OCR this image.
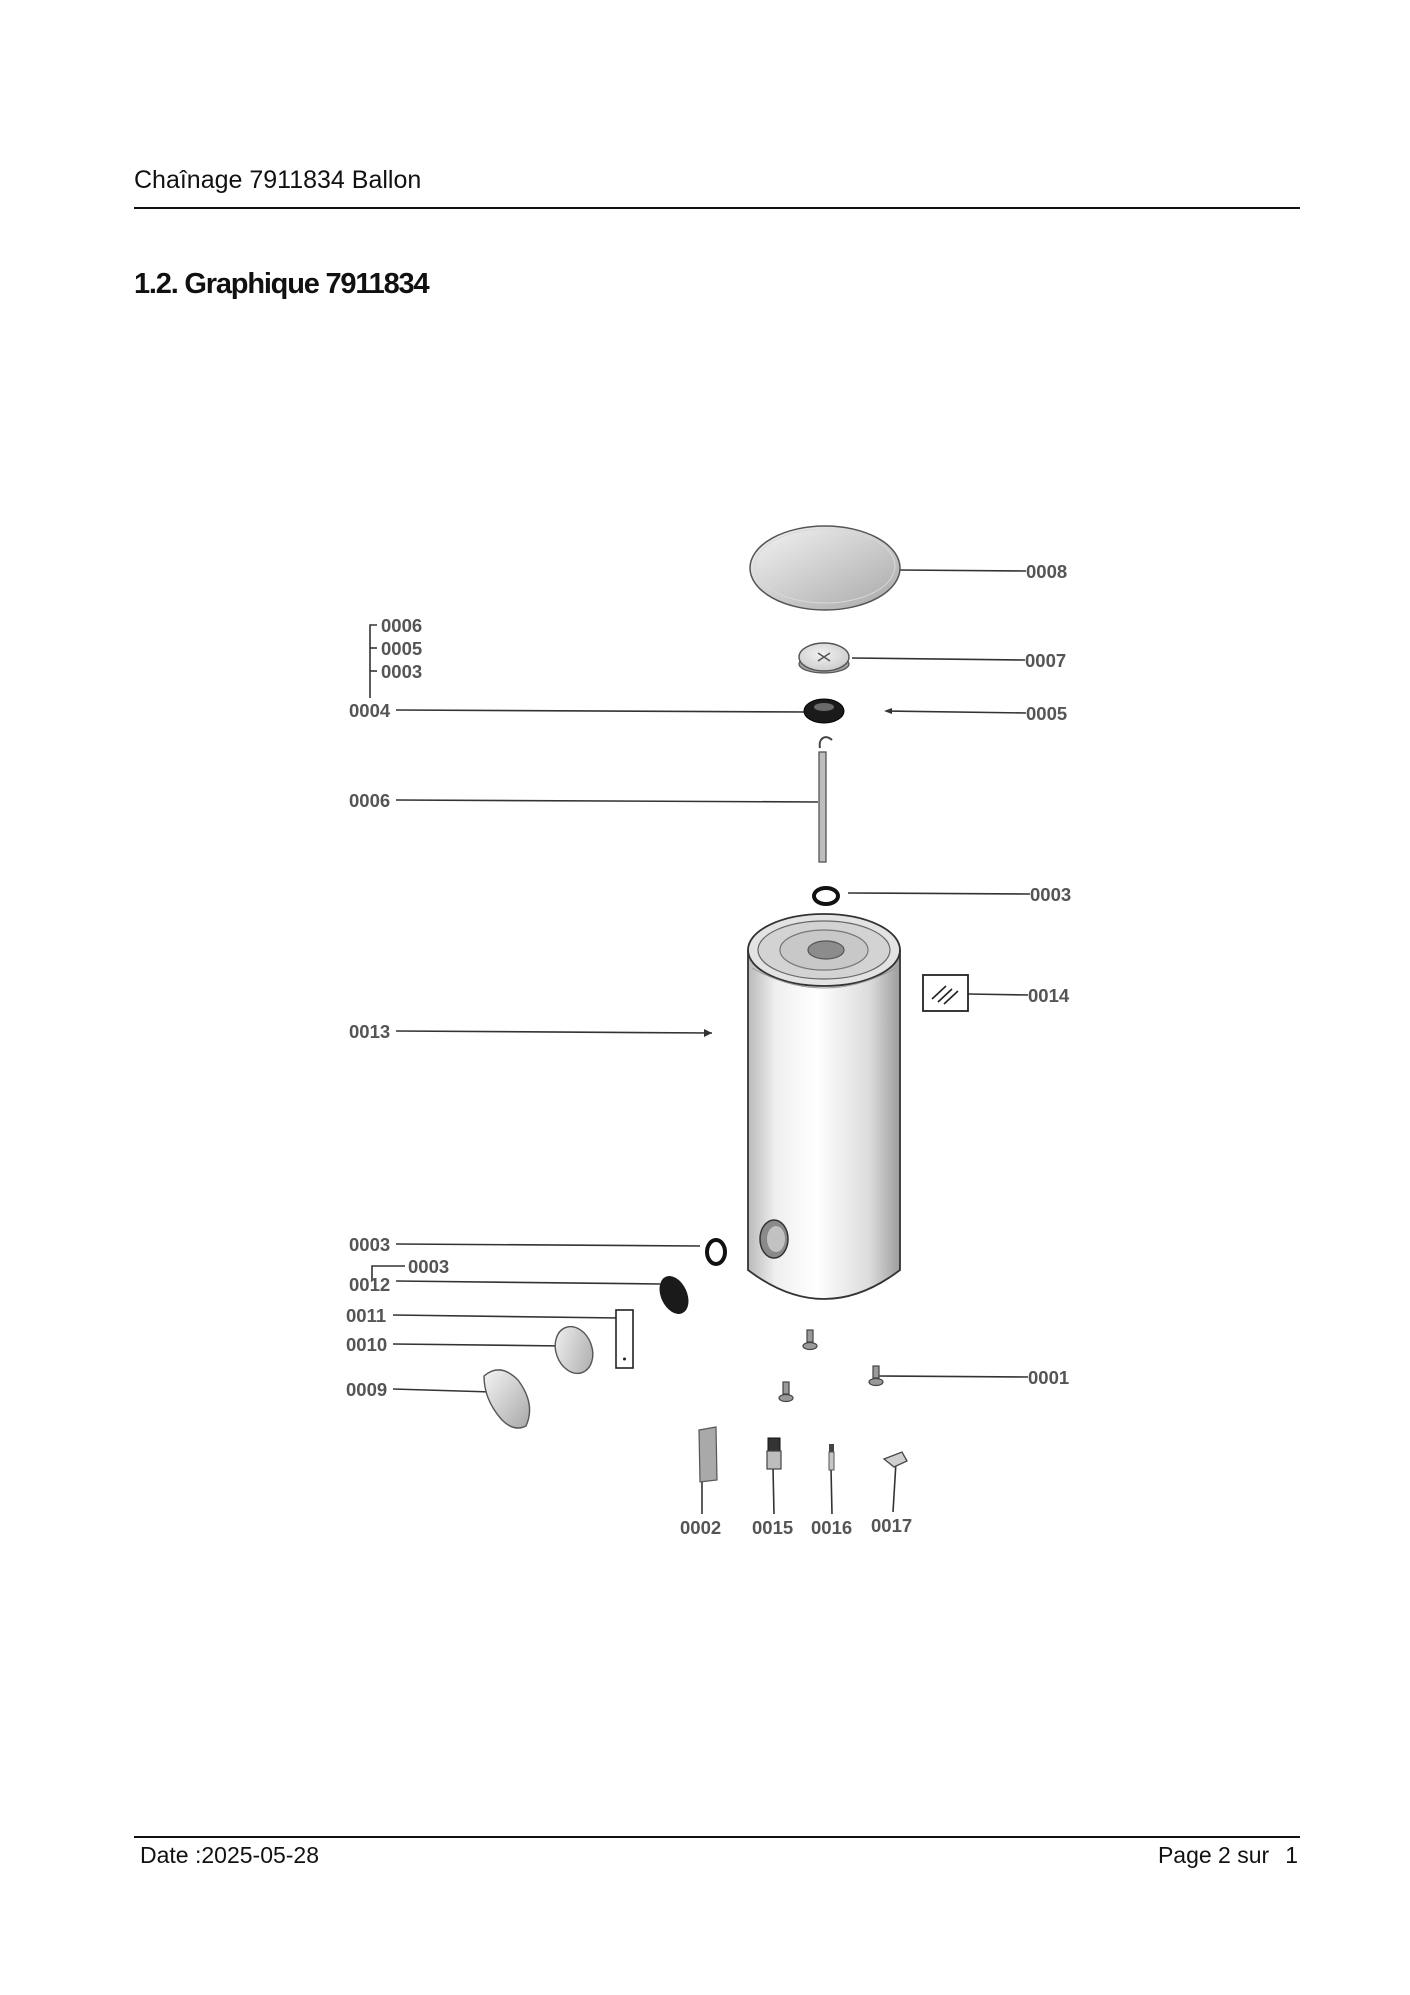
Chaînage 7911834 Ballon
1.2. Graphique 7911834
0008
0007
0005
0003
0014
0001
0006
0005
0003
0004
0006
0013
0003
0003
0012
0011
0010
0009
0002 0015 0016 0017
Date :2025-05-28	Page 2 sur 1
